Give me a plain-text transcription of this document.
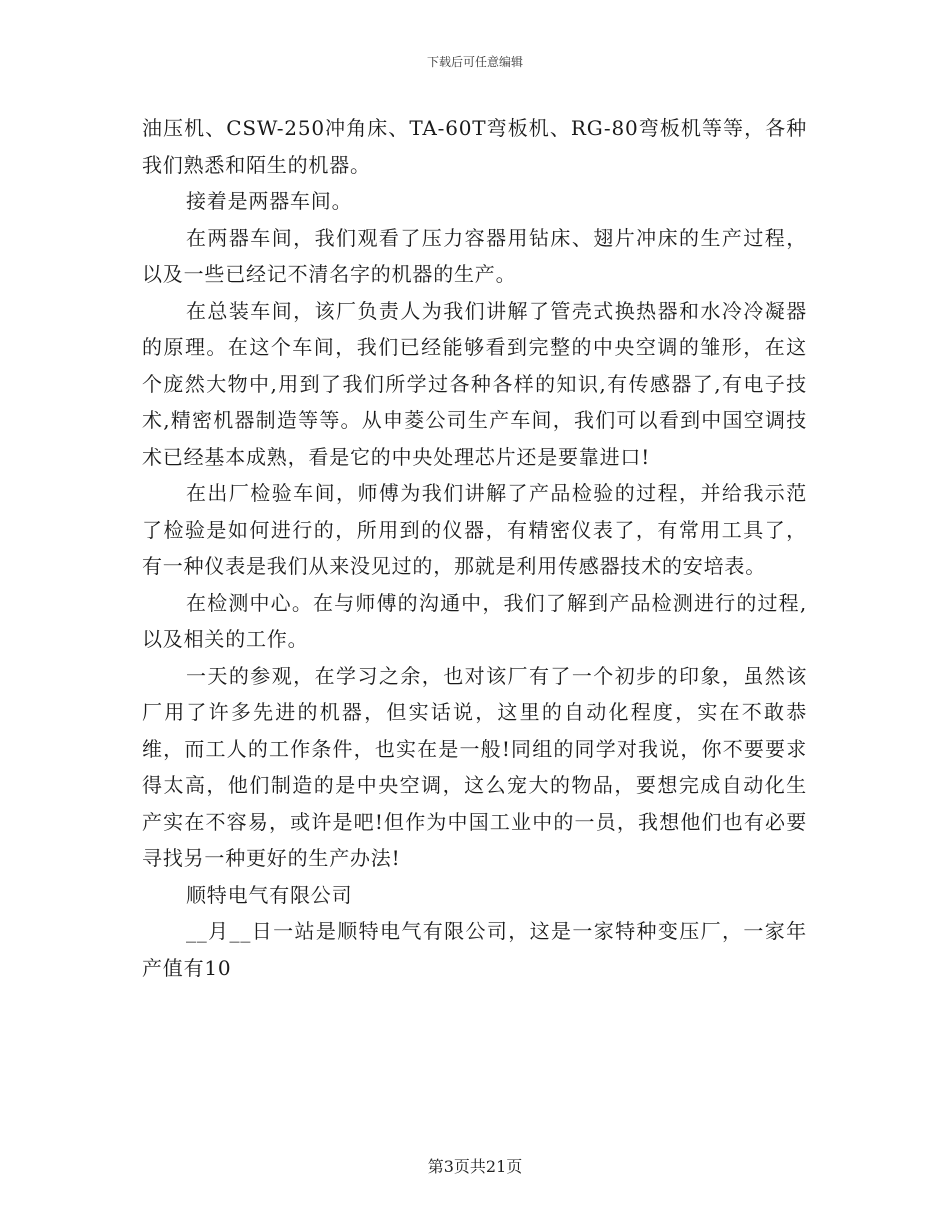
下载后可任意编辑

油压机、CSW-250冲角床、TA-60T弯板机、RG-80弯板机等等，各种我们熟悉和陌生的机器。

接着是两器车间。

在两器车间，我们观看了压力容器用钻床、翅片冲床的生产过程，以及一些已经记不清名字的机器的生产。

在总装车间，该厂负责人为我们讲解了管壳式换热器和水冷冷凝器的原理。在这个车间，我们已经能够看到完整的中央空调的雏形，在这个庞然大物中,用到了我们所学过各种各样的知识,有传感器了,有电子技术,精密机器制造等等。从申菱公司生产车间，我们可以看到中国空调技术已经基本成熟，看是它的中央处理芯片还是要靠进口!

在出厂检验车间，师傅为我们讲解了产品检验的过程，并给我示范了检验是如何进行的，所用到的仪器，有精密仪表了，有常用工具了，有一种仪表是我们从来没见过的，那就是利用传感器技术的安培表。

在检测中心。在与师傅的沟通中，我们了解到产品检测进行的过程,以及相关的工作。

一天的参观，在学习之余，也对该厂有了一个初步的印象，虽然该厂用了许多先进的机器，但实话说，这里的自动化程度，实在不敢恭维，而工人的工作条件，也实在是一般!同组的同学对我说，你不要要求得太高，他们制造的是中央空调，这么宠大的物品，要想完成自动化生产实在不容易，或许是吧!但作为中国工业中的一员，我想他们也有必要寻找另一种更好的生产办法!

顺特电气有限公司

__月__日一站是顺特电气有限公司，这是一家特种变压厂，一家年产值有10

第3页共21页
